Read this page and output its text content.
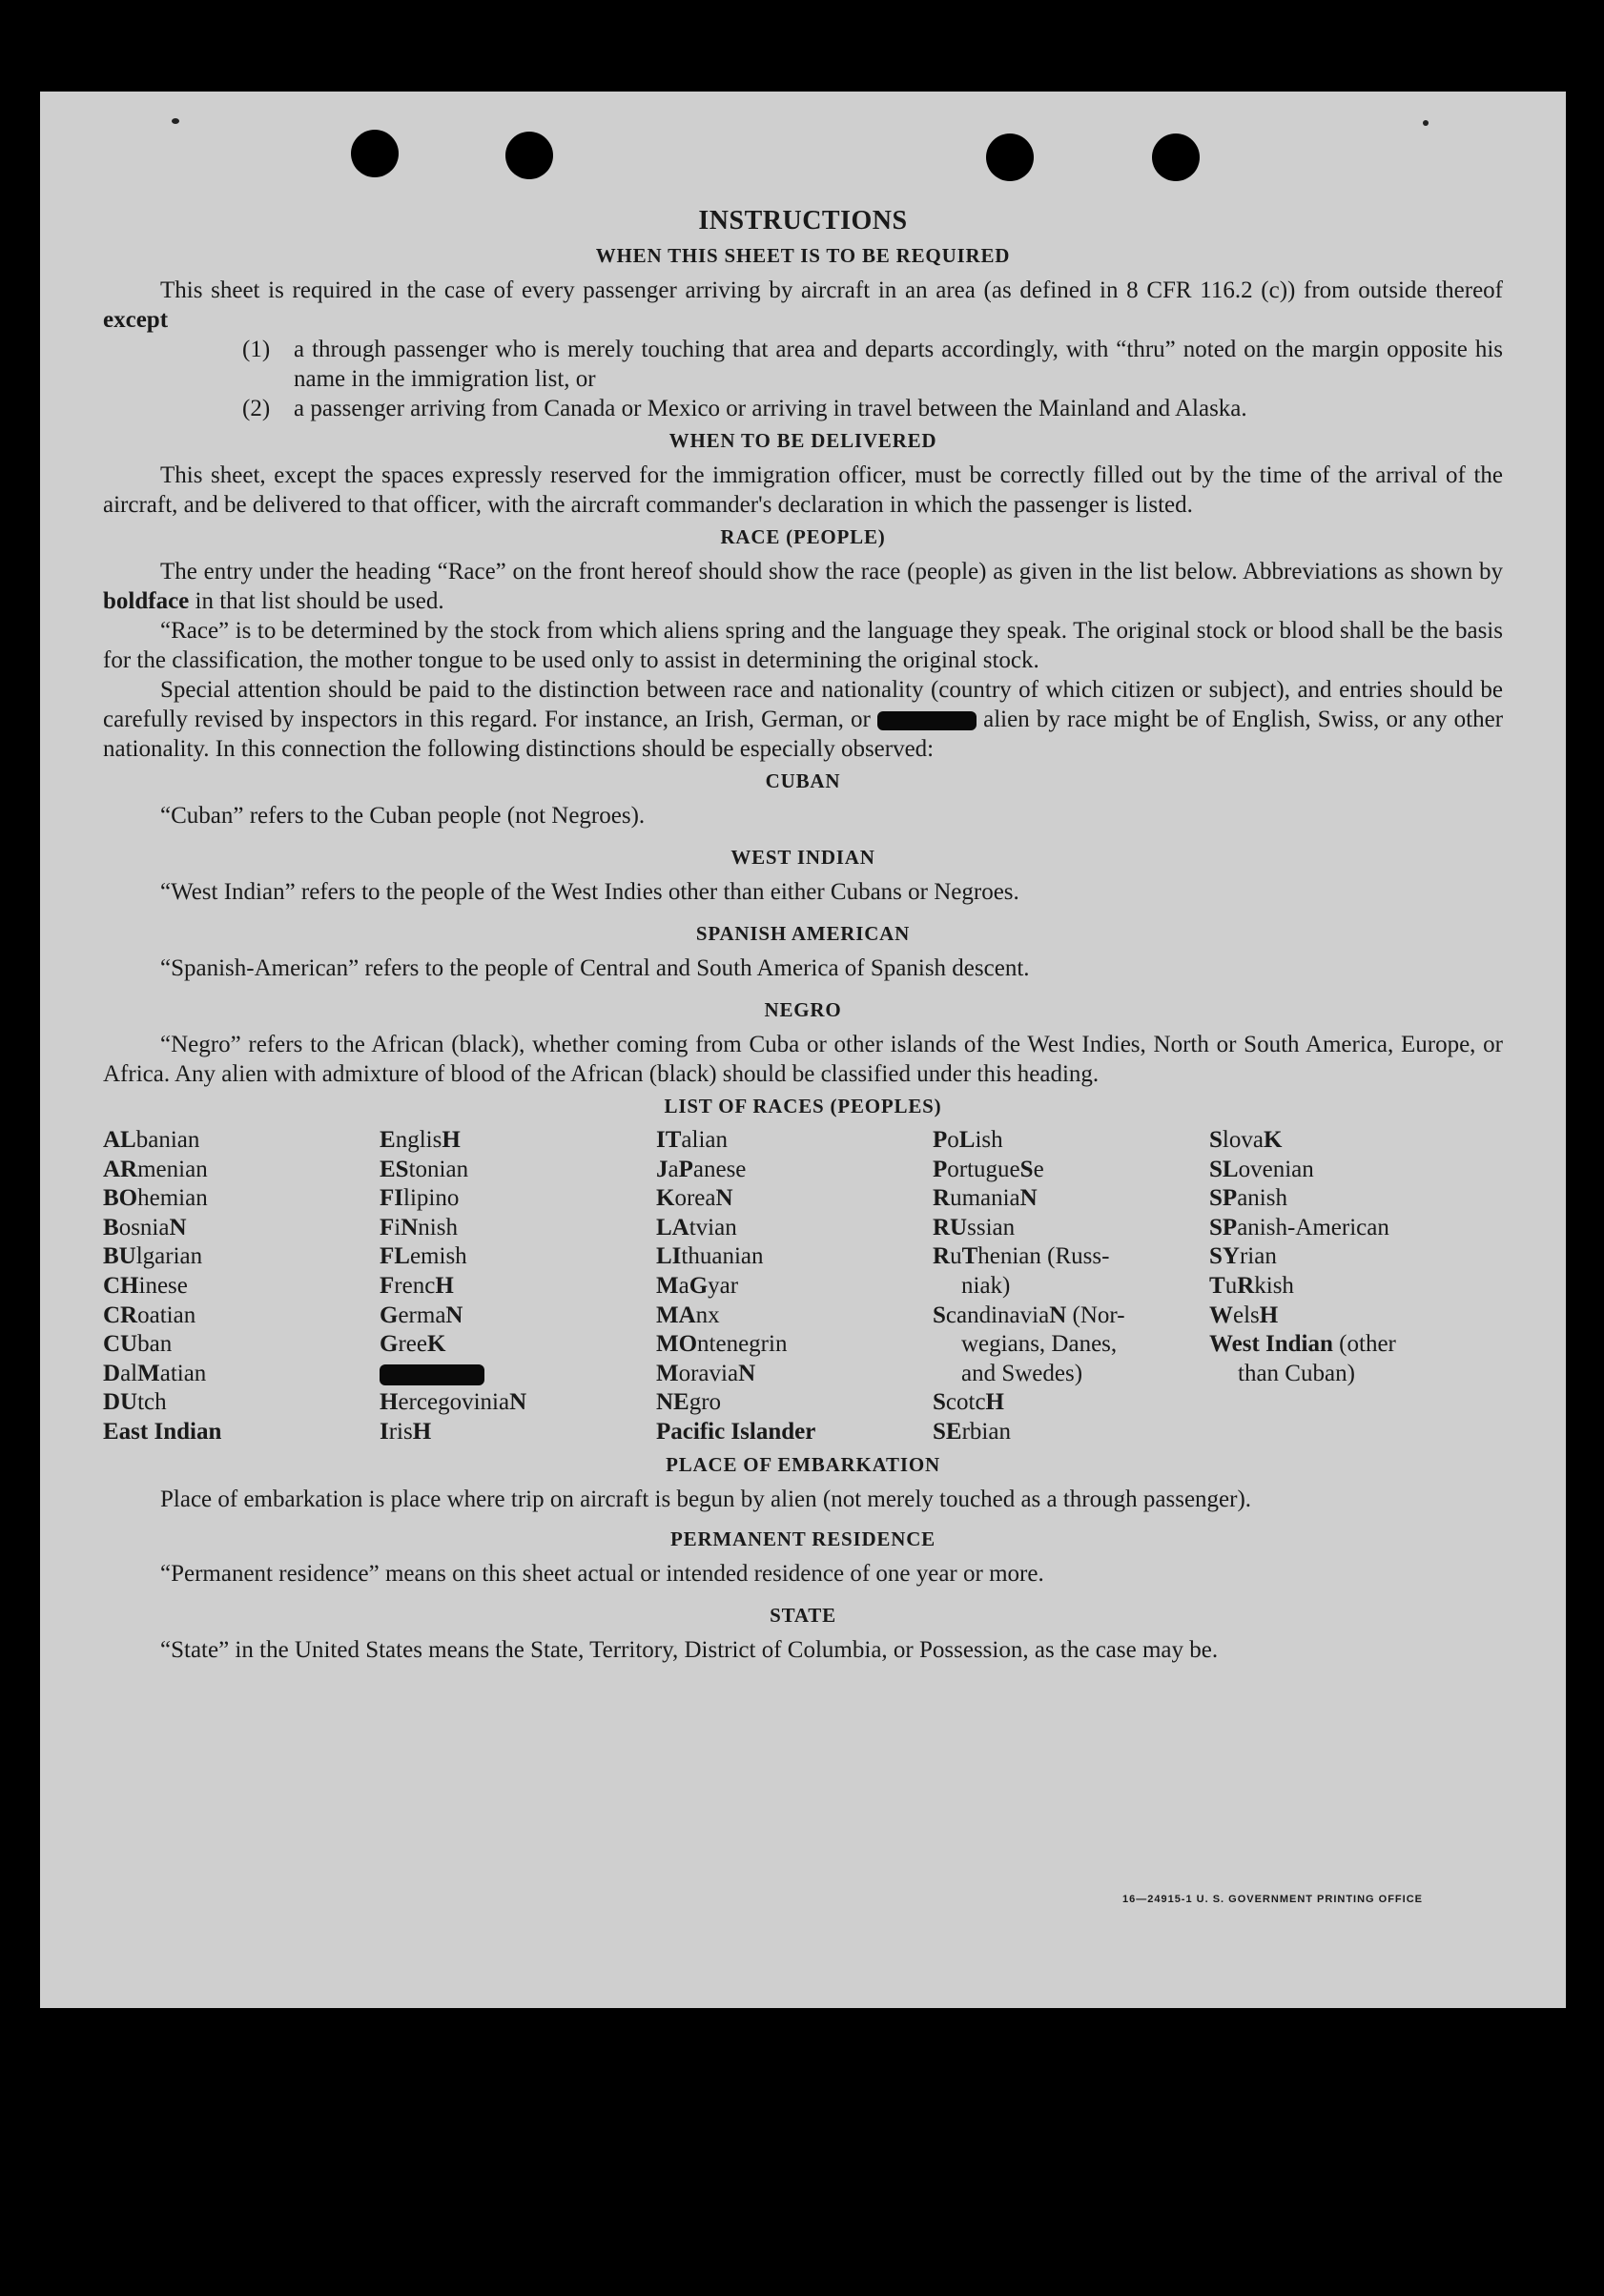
INSTRUCTIONS
WHEN THIS SHEET IS TO BE REQUIRED

This sheet is required in the case of every passenger arriving by aircraft in an area (as defined in 8 CFR 116.2 (c)) from outside thereof except

(1) a through passenger who is merely touching that area and departs accordingly, with “thru” noted on the margin opposite his name in the immigration list, or

(2) a passenger arriving from Canada or Mexico or arriving in travel between the Mainland and Alaska.

WHEN TO BE DELIVERED

This sheet, except the spaces expressly reserved for the immigration officer, must be correctly filled out by the time of the arrival of the aircraft, and be delivered to that officer, with the aircraft commander's declaration in which the passenger is listed.

RACE (PEOPLE)

The entry under the heading “Race” on the front hereof should show the race (people) as given in the list below. Abbreviations as shown by boldface in that list should be used.

“Race” is to be determined by the stock from which aliens spring and the language they speak. The original stock or blood shall be the basis for the classification, the mother tongue to be used only to assist in determining the original stock.

Special attention should be paid to the distinction between race and nationality (country of which citizen or subject), and entries should be carefully revised by inspectors in this regard. For instance, an Irish, German, or	alien by race might be of English, Swiss, or any other nationality. In this connection the following distinctions should be especially observed:

CUBAN

“Cuban” refers to the Cuban people (not Negroes).

WEST INDIAN

“West Indian” refers to the people of the West Indies other than either Cubans or Negroes.

SPANISH AMERICAN

“Spanish-American” refers to the people of Central and South America of Spanish descent.

NEGRO

“Negro” refers to the African (black), whether coming from Cuba or other islands of the West Indies, North or South America, Europe, or Africa. Any alien with admixture of blood of the African (black) should be classified under this heading.

LIST OF RACES (PEOPLES)
ALbanian
ARmenian
BOhemian
BosniaN
BUlgarian
CHinese
CRoatian
CUban
DalMatian
DUtch
East Indian
EnglisH
EStonian
FIlipino
FiNnish
FLemish
FrencH
GermaN
GreeK
HercegoviniaN
IrisH
ITalian
JaPanese
KoreaN
LAtvian
LIthuanian
MaGyar
MAnx
MOntenegrin
MoraviaN
NEgro
Pacific Islander
PoLish
PortugueSe
RumaniaN
RUssian
RuThenian (Russ-
niak)
ScandinaviaN (Nor-
wegians, Danes,
and Swedes)
ScotcH
SErbian
SlovaK
SLovenian
SPanish
SPanish-American
SYrian
TuRkish
WelsH
West Indian (other
than Cuban)
PLACE OF EMBARKATION

Place of embarkation is place where trip on aircraft is begun by alien (not merely touched as a through passenger).

PERMANENT RESIDENCE

“Permanent residence” means on this sheet actual or intended residence of one year or more.

STATE

“State” in the United States means the State, Territory, District of Columbia, or Possession, as the case may be.

16—24915-1 U. S. GOVERNMENT PRINTING OFFICE
